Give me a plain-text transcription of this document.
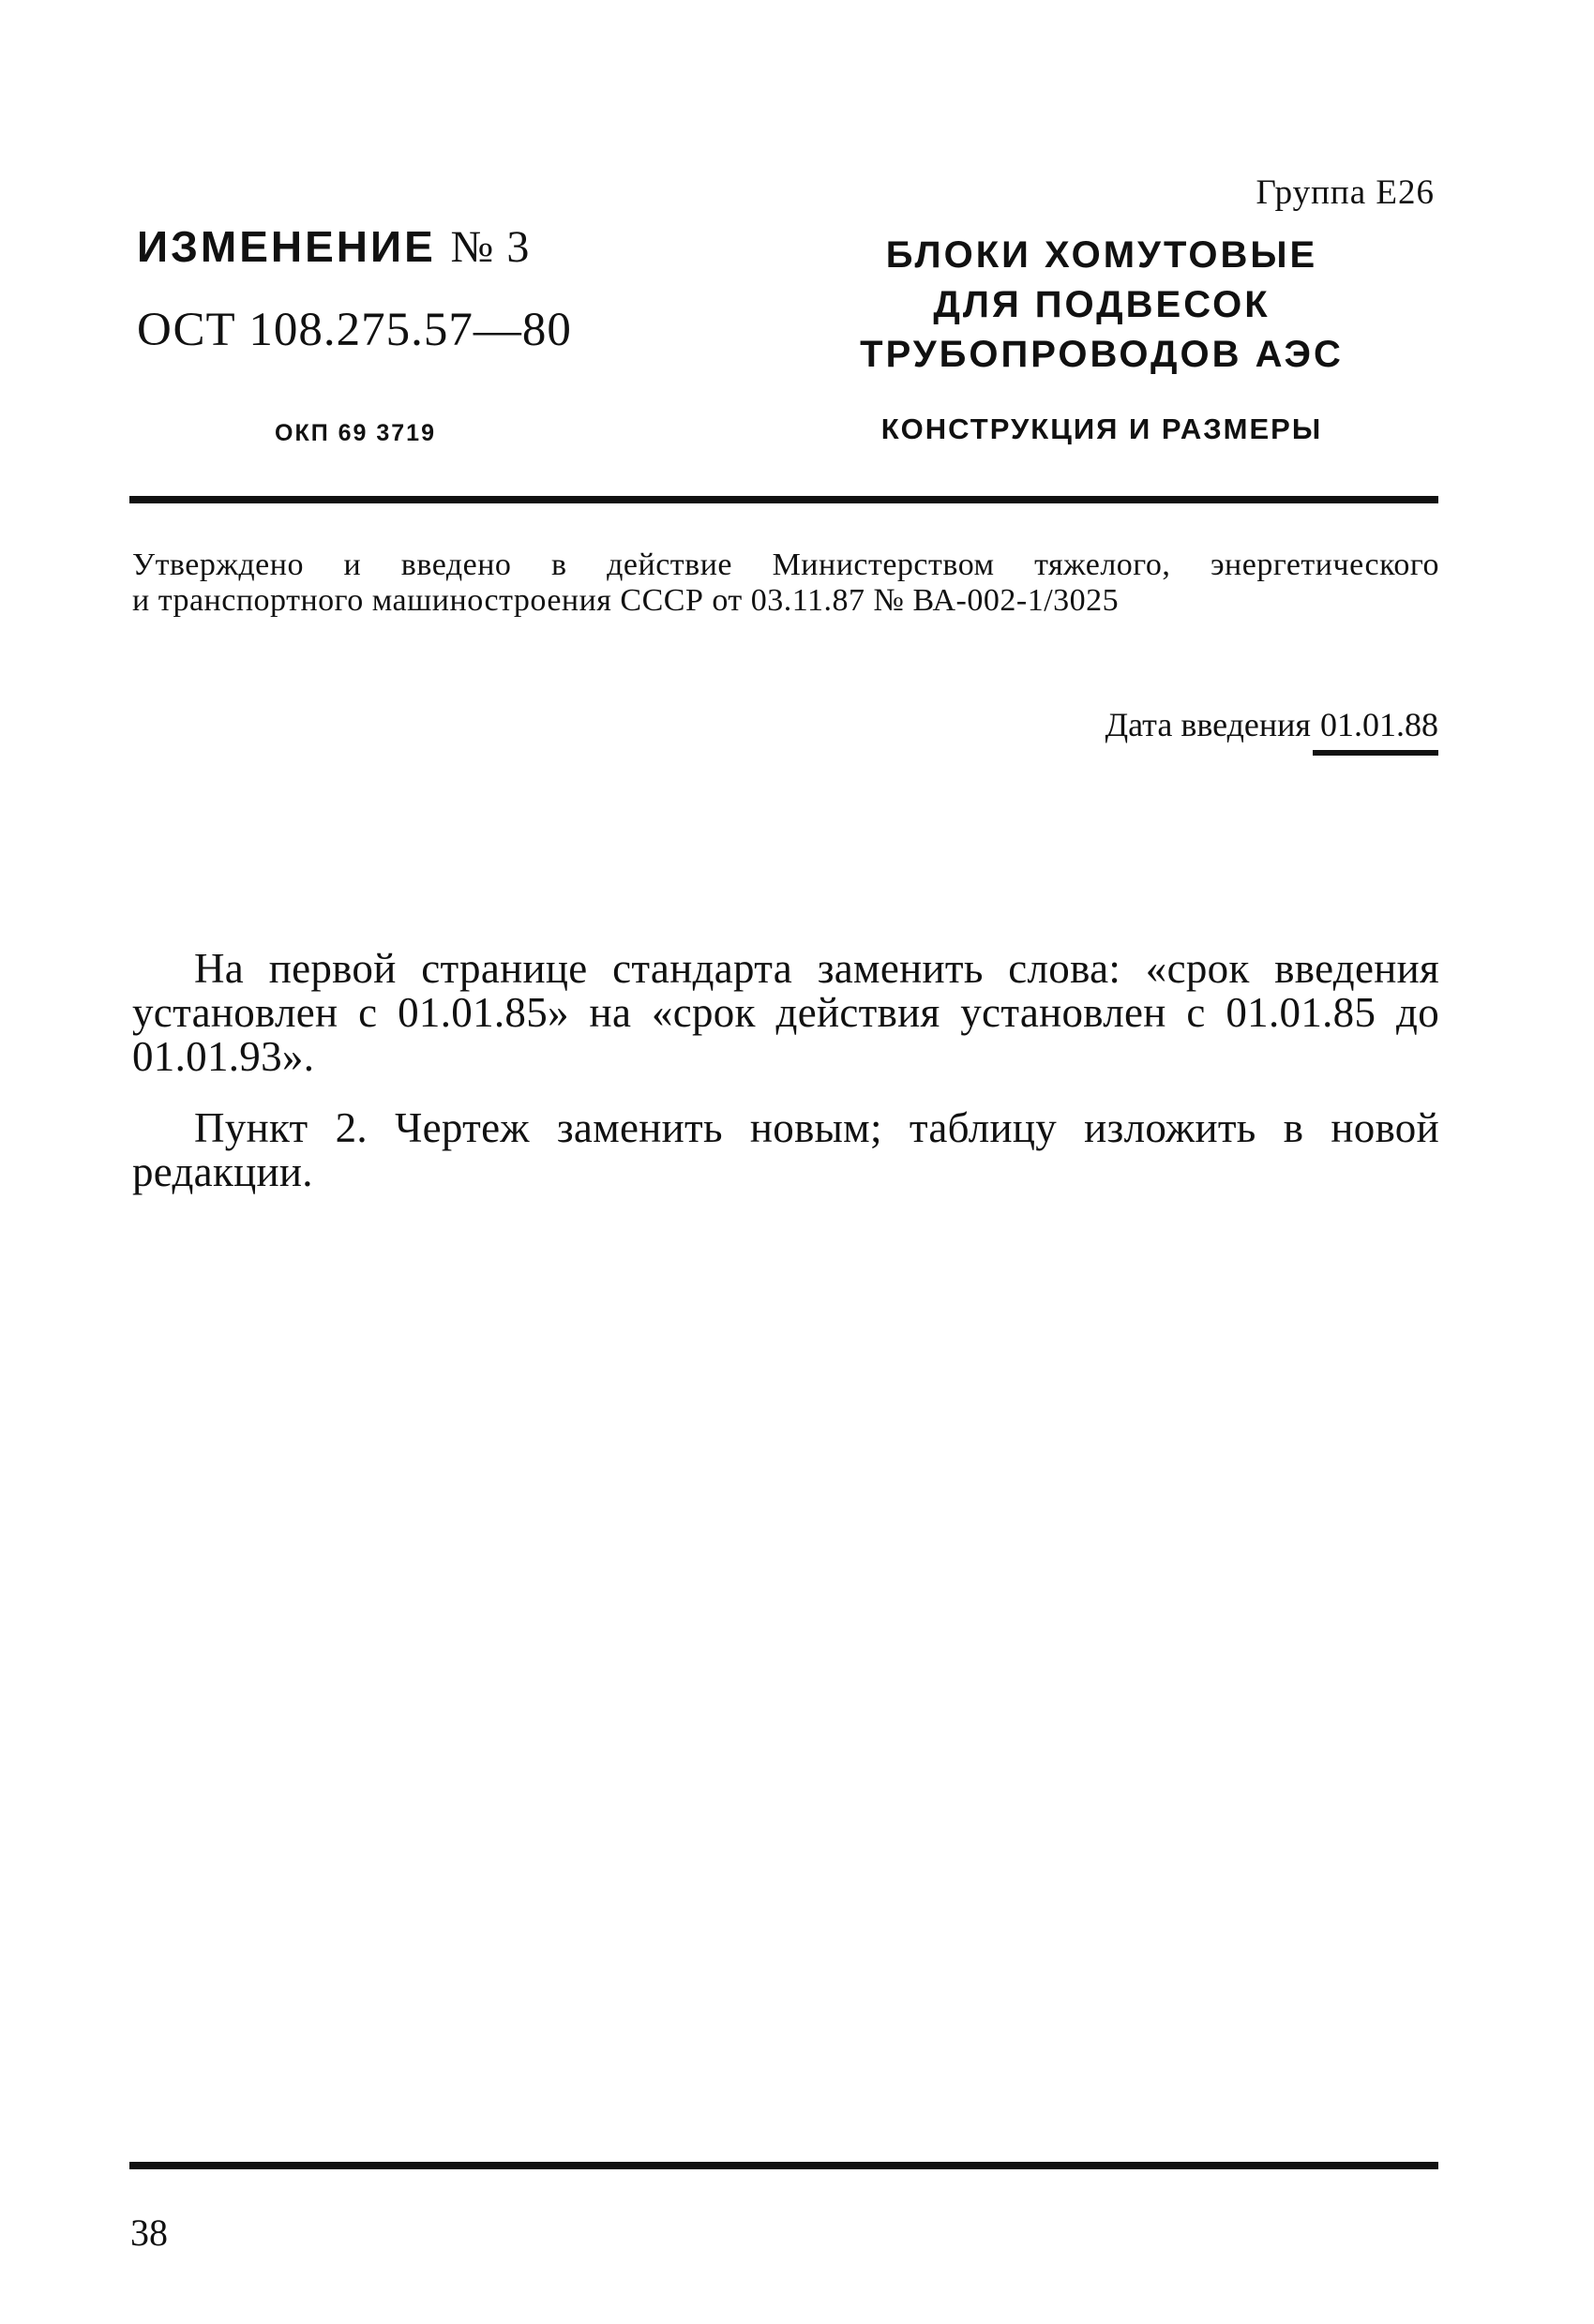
Группа Е26
ИЗМЕНЕНИЕ № 3
ОСТ 108.275.57—80
ОКП 69 3719
БЛОКИ ХОМУТОВЫЕ
ДЛЯ ПОДВЕСОК
ТРУБОПРОВОДОВ АЭС
КОНСТРУКЦИЯ И РАЗМЕРЫ
Утверждено и введено в действие Министерством тяжелого, энергетического
и транспортного машиностроения СССР от 03.11.87 № ВА-002-1/3025
Дата введения 01.01.88
На первой странице стандарта заменить слова: «срок введения
установлен с 01.01.85» на «срок действия установлен с 01.01.85 до
01.01.93».
Пункт 2. Чертеж заменить новым; таблицу изложить в новой
редакции.
38
